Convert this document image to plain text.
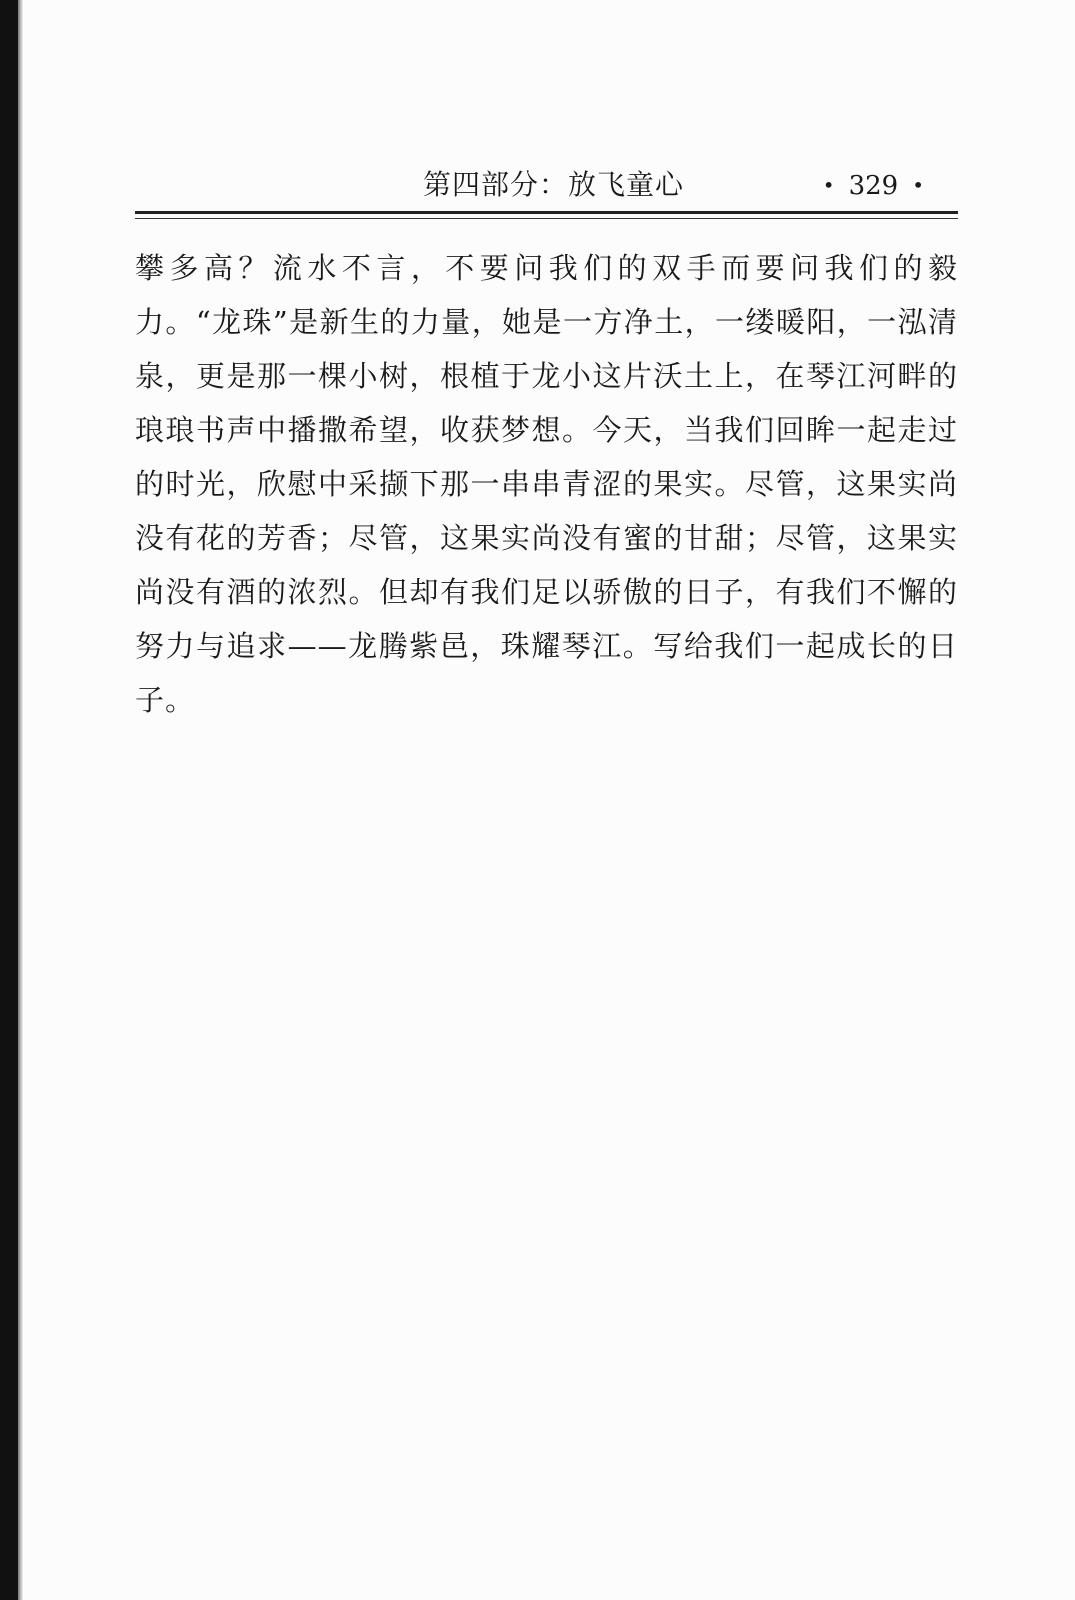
第四部分：放飞童心	• 329 •

攀多高？流水不言，不要问我们的双手而要问我们的毅力。“龙珠”是新生的力量，她是一方净土，一缕暖阳，一泓清泉，更是那一棵小树，根植于龙小这片沃土上，在琴江河畔的琅琅书声中播撒希望，收获梦想。今天，当我们回眸一起走过的时光，欣慰中采撷下那一串串青涩的果实。尽管，这果实尚没有花的芳香；尽管，这果实尚没有蜜的甘甜；尽管，这果实尚没有酒的浓烈。但却有我们足以骄傲的日子，有我们不懈的努力与追求——龙腾紫邑，珠耀琴江。写给我们一起成长的日子。
